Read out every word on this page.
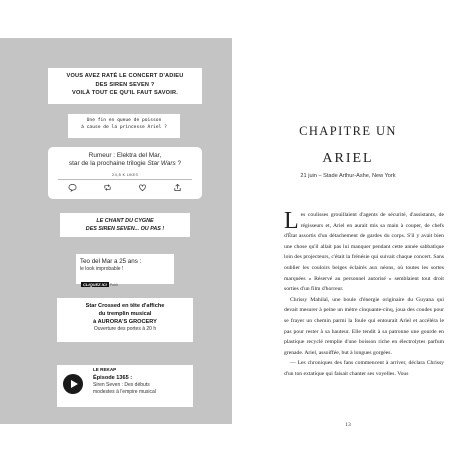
VOUS AVEZ RATÉ LE CONCERT D'ADIEU
DES SIREN SEVEN ?
VOILÀ TOUT CE QU'IL FAUT SAVOIR.
Une fin en queue de poisson
à cause de la princesse Ariel ?
Rumeur : Elektra del Mar,
star de la prochaine trilogie Star Wars ?
24,8 K LIKES
LE CHANT DU CYGNE
DES SIREN SEVEN... OU PAS !
Teo del Mar a 25 ans :
le look improbable !
CLIQUEZ ICI Publi
Star Crossed en tête d'affiche
du tremplin musical
à AURORA'S GROCERY
Ouverture des portes à 20 h
LE REKAP
Épisode 1365 :
Siren Seven : Des débuts
modestes à l'empire musical
CHAPITRE UN
ARIEL
21 juin – Stade Arthur-Ashe, New York

Les coulisses grouillaient d'agents de sécurité, d'assistants, de régisseurs et, Ariel en aurait mis sa main à couper, de chefs d'État assortis d'un détachement de gardes du corps. S'il y avait bien une chose qu'il allait pas lui manquer pendant cette année sabbatique loin des projecteurs, c'était la frénésie qui suivait chaque concert. Sans oublier les couloirs beiges éclairés aux néons, où toutes les sortes marquées « Réservé au personnel autorisé » semblaient tout droit sorties d'un film d'horreur.

Chrissy Mahilal, une boule d'énergie originaire du Guyana qui devait mesurer à peine un mètre cinquante-cinq, joua des coudes pour se frayer un chemin parmi la foule qui entourait Ariel et accéléra le pas pour rester à sa hauteur. Elle tendit à sa patronne une gourde en plastique recyclé remplie d'une boisson riche en électrolytes parfum grenade. Ariel, assoiffée, but à longues gorgées.

— Les chroniques des fans commencent à arriver, déclara Chrissy d'un ton extatique qui faisait chanter ses voyelles. Vous

13
